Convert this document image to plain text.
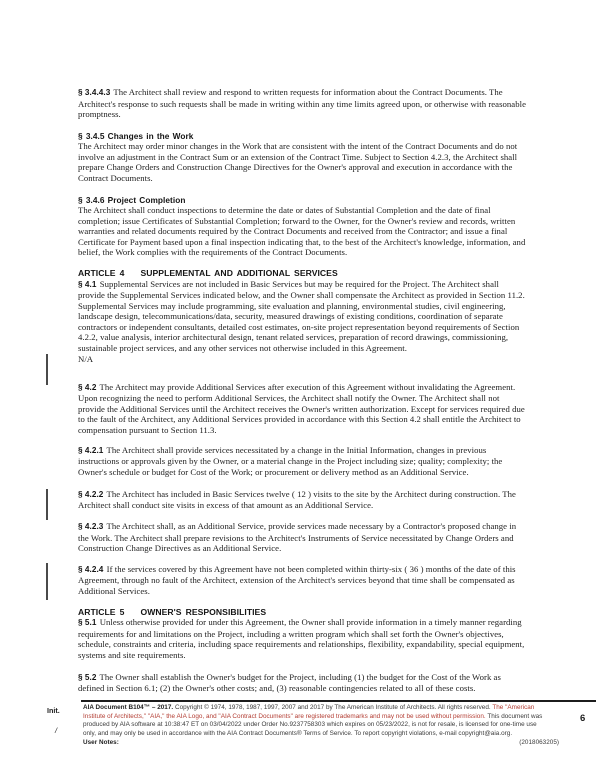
§ 3.4.4.3 The Architect shall review and respond to written requests for information about the Contract Documents. The Architect's response to such requests shall be made in writing within any time limits agreed upon, or otherwise with reasonable promptness.
§ 3.4.5 Changes in the Work
The Architect may order minor changes in the Work that are consistent with the intent of the Contract Documents and do not involve an adjustment in the Contract Sum or an extension of the Contract Time. Subject to Section 4.2.3, the Architect shall prepare Change Orders and Construction Change Directives for the Owner's approval and execution in accordance with the Contract Documents.
§ 3.4.6 Project Completion
The Architect shall conduct inspections to determine the date or dates of Substantial Completion and the date of final completion; issue Certificates of Substantial Completion; forward to the Owner, for the Owner's review and records, written warranties and related documents required by the Contract Documents and received from the Contractor; and issue a final Certificate for Payment based upon a final inspection indicating that, to the best of the Architect's knowledge, information, and belief, the Work complies with the requirements of the Contract Documents.
ARTICLE 4 SUPPLEMENTAL AND ADDITIONAL SERVICES
§ 4.1 Supplemental Services are not included in Basic Services but may be required for the Project. The Architect shall provide the Supplemental Services indicated below, and the Owner shall compensate the Architect as provided in Section 11.2. Supplemental Services may include programming, site evaluation and planning, environmental studies, civil engineering, landscape design, telecommunications/data, security, measured drawings of existing conditions, coordination of separate contractors or independent consultants, detailed cost estimates, on-site project representation beyond requirements of Section 4.2.2, value analysis, interior architectural design, tenant related services, preparation of record drawings, commissioning, sustainable project services, and any other services not otherwise included in this Agreement.
N/A
§ 4.2 The Architect may provide Additional Services after execution of this Agreement without invalidating the Agreement. Upon recognizing the need to perform Additional Services, the Architect shall notify the Owner. The Architect shall not provide the Additional Services until the Architect receives the Owner's written authorization. Except for services required due to the fault of the Architect, any Additional Services provided in accordance with this Section 4.2 shall entitle the Architect to compensation pursuant to Section 11.3.
§ 4.2.1 The Architect shall provide services necessitated by a change in the Initial Information, changes in previous instructions or approvals given by the Owner, or a material change in the Project including size; quality; complexity; the Owner's schedule or budget for Cost of the Work; or procurement or delivery method as an Additional Service.
§ 4.2.2 The Architect has included in Basic Services twelve ( 12 ) visits to the site by the Architect during construction. The Architect shall conduct site visits in excess of that amount as an Additional Service.
§ 4.2.3 The Architect shall, as an Additional Service, provide services made necessary by a Contractor's proposed change in the Work. The Architect shall prepare revisions to the Architect's Instruments of Service necessitated by Change Orders and Construction Change Directives as an Additional Service.
§ 4.2.4 If the services covered by this Agreement have not been completed within thirty-six ( 36 ) months of the date of this Agreement, through no fault of the Architect, extension of the Architect's services beyond that time shall be compensated as Additional Services.
ARTICLE 5 OWNER'S RESPONSIBILITIES
§ 5.1 Unless otherwise provided for under this Agreement, the Owner shall provide information in a timely manner regarding requirements for and limitations on the Project, including a written program which shall set forth the Owner's objectives, schedule, constraints and criteria, including space requirements and relationships, flexibility, expandability, special equipment, systems and site requirements.
§ 5.2 The Owner shall establish the Owner's budget for the Project, including (1) the budget for the Cost of the Work as defined in Section 6.1; (2) the Owner's other costs; and, (3) reasonable contingencies related to all of these costs.
Init.
/
AIA Document B104™ – 2017. Copyright © 1974, 1978, 1987, 1997, 2007 and 2017 by The American Institute of Architects. All rights reserved. The "American
Institute of Architects," "AIA," the AIA Logo, and "AIA Contract Documents" are registered trademarks and may not be used without permission. This document was
produced by AIA software at 10:38:47 ET on 03/04/2022 under Order No.9237758303 which expires on 05/23/2022, is not for resale, is licensed for one-time use
only, and may only be used in accordance with the AIA Contract Documents® Terms of Service. To report copyright violations, e-mail copyright@aia.org.
User Notes:	(2018063205)
6
